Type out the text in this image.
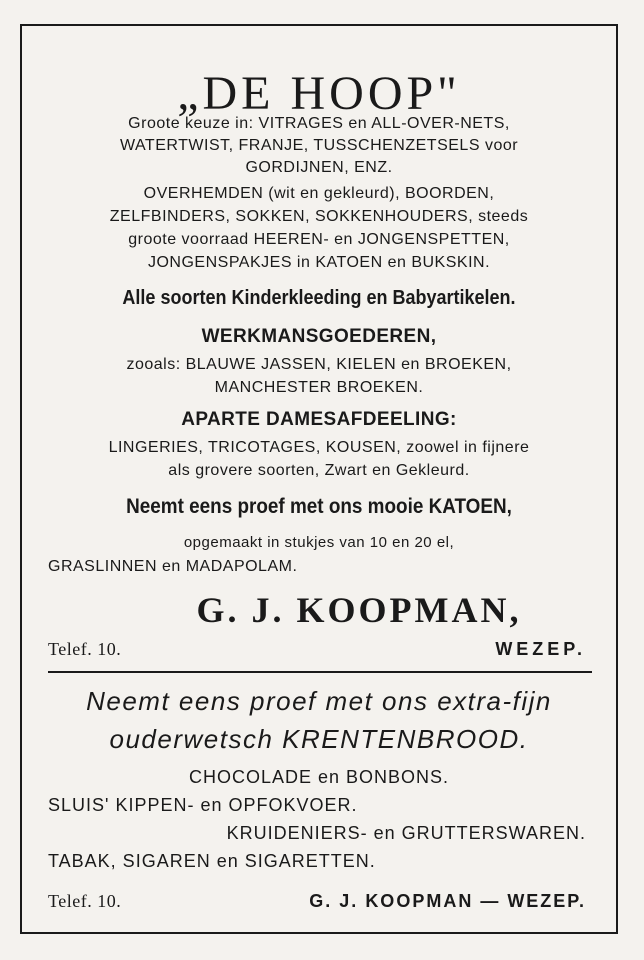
„DE HOOP"
Groote keuze in: VITRAGES en ALL-OVER-NETS,
WATERTWIST, FRANJE, TUSSCHENZETSELS voor
GORDIJNEN, ENZ.
OVERHEMDEN (wit en gekleurd), BOORDEN,
ZELFBINDERS, SOKKEN, SOKKENHOUDERS, steeds
groote voorraad HEEREN- en JONGENSPETTEN,
JONGENSPAKJES in KATOEN en BUKSKIN.
Alle soorten Kinderkleeding en Babyartikelen.
WERKMANSGOEDEREN,
zooals: BLAUWE JASSEN, KIELEN en BROEKEN,
MANCHESTER BROEKEN.
APARTE DAMESAFDEELING:
LINGERIES, TRICOTAGES, KOUSEN, zoowel in fijnere
als grovere soorten, Zwart en Gekleurd.
Neemt eens proef met ons mooie KATOEN,
opgemaakt in stukjes van 10 en 20 el,
GRASLINNEN en MADAPOLAM.
G. J. KOOPMAN,
Telef. 10.	WEZEP.
Neemt eens proef met ons extra-fijn
ouderwetsch KRENTENBROOD.
CHOCOLADE en BONBONS.
SLUIS' KIPPEN- en OPFOKVOER.
KRUIDENIERS- en GRUTTERSWAREN.
TABAK, SIGAREN en SIGARETTEN.
Telef. 10.	G. J. KOOPMAN — WEZEP.
